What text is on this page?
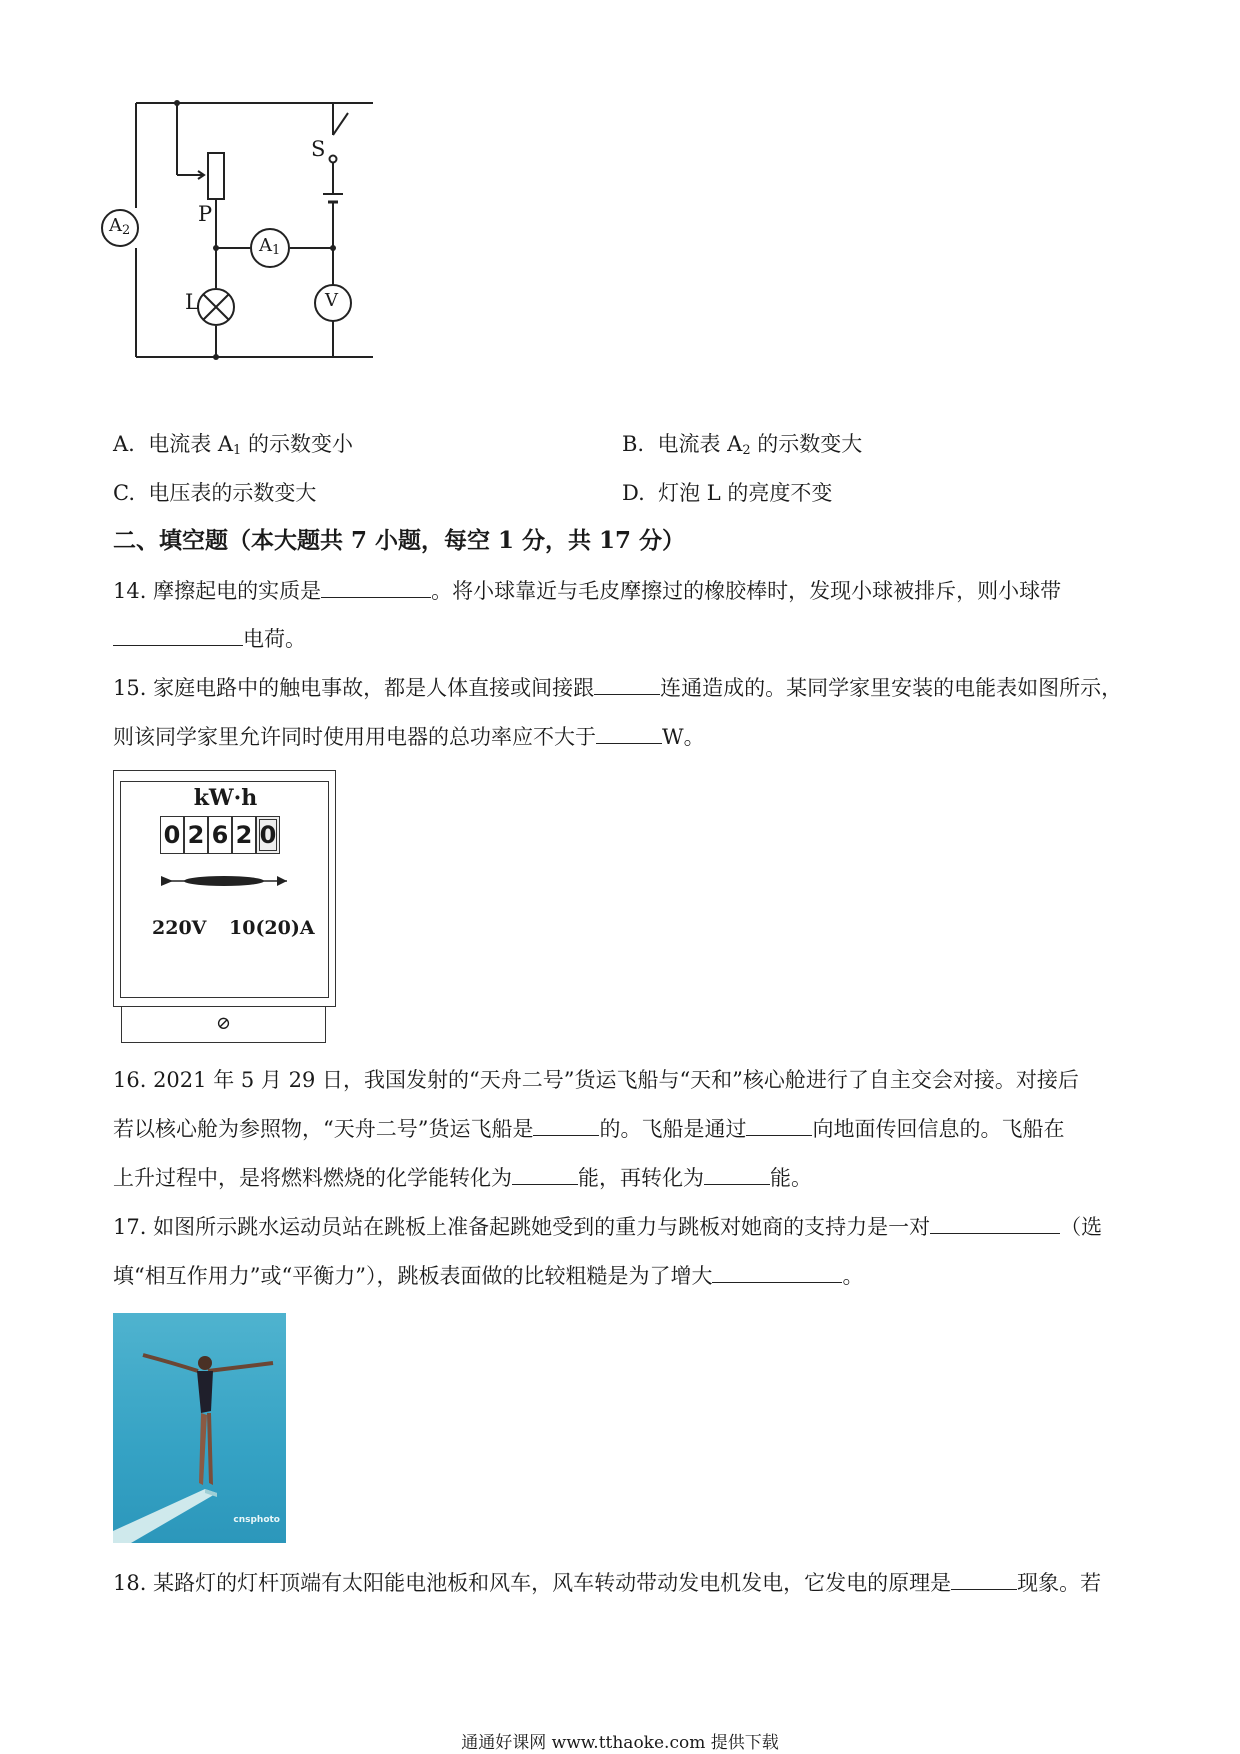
S
P
$A_2$
$A_1$
L	V
A. 电流表 $A_1$ 的示数变小	B. 电流表 $A_2$ 的示数变大
C. 电压表的示数变大	D. 灯泡 L 的亮度不变
二、填空题（本大题共 7 小题，每空 1 分，共 17 分）
14. 摩擦起电的实质是	。将小球靠近与毛皮摩擦过的橡胶棒时，发现小球被排斥，则小球带
电荷。
15. 家庭电路中的触电事故，都是人体直接或间接跟	连通造成的。某同学家里安装的电能表如图所示，
则该同学家里允许同时使用用电器的总功率应不大于	W。
kW·h
0 2 6 2 0
220V 10(20)A
⊘
16. 2021 年 5 月 29 日，我国发射的“天舟二号”货运飞船与“天和”核心舱进行了自主交会对接。对接后
若以核心舱为参照物，“天舟二号”货运飞船是	的。飞船是通过	向地面传回信息的。飞船在
上升过程中，是将燃料燃烧的化学能转化为	能，再转化为	能。
17. 如图所示跳水运动员站在跳板上准备起跳她受到的重力与跳板对她商的支持力是一对	（选
填“相互作用力”或“平衡力”），跳板表面做的比较粗糙是为了增大	。
cnsphoto
18. 某路灯的灯杆顶端有太阳能电池板和风车，风车转动带动发电机发电，它发电的原理是	现象。若
通通好课网 www.tthaoke.com 提供下载
